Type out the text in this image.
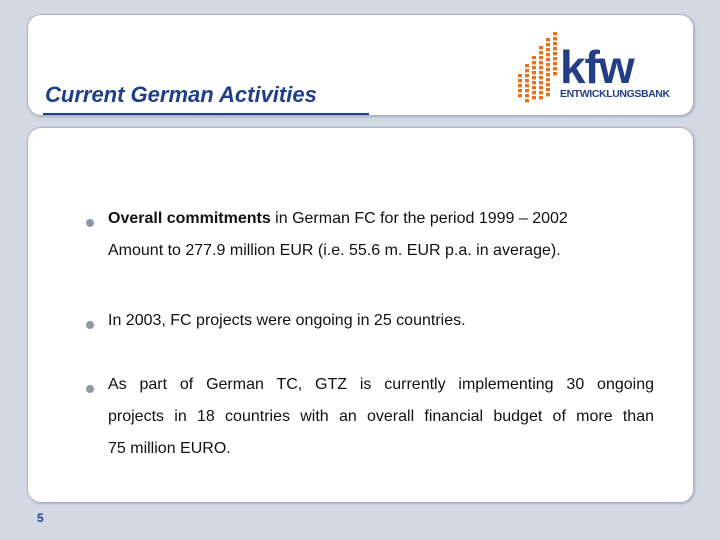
Current German Activities
kfw
ENTWICKLUNGSBANK
Overall commitments in German FC for the period 1999 – 2002
Amount to 277.9 million EUR (i.e. 55.6 m. EUR p.a. in average).
In 2003, FC projects were ongoing in 25 countries.
As part of German TC, GTZ is currently implementing 30 ongoing
projects in 18 countries with an overall financial budget of more than
75 million EURO.
5
